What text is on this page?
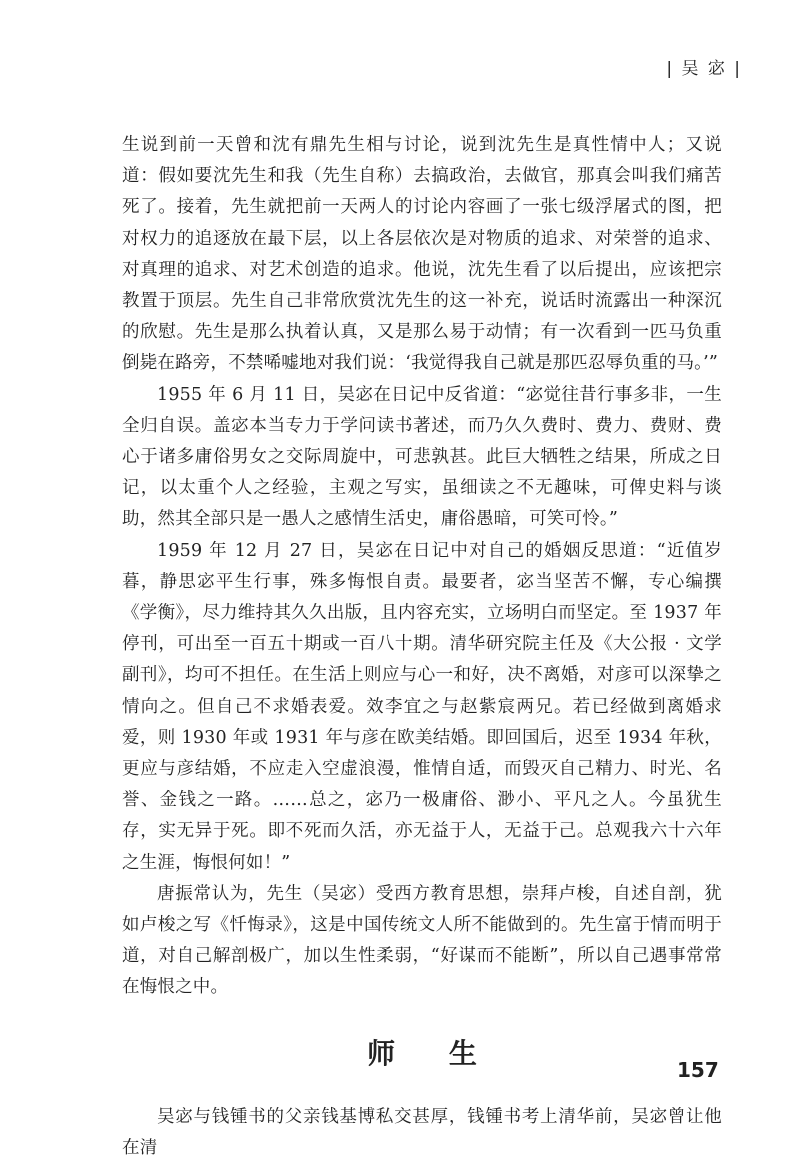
| 吴 宓 |

生说到前一天曾和沈有鼎先生相与讨论，说到沈先生是真性情中人；又说道：假如要沈先生和我（先生自称）去搞政治，去做官，那真会叫我们痛苦死了。接着，先生就把前一天两人的讨论内容画了一张七级浮屠式的图，把对权力的追逐放在最下层，以上各层依次是对物质的追求、对荣誉的追求、对真理的追求、对艺术创造的追求。他说，沈先生看了以后提出，应该把宗教置于顶层。先生自己非常欣赏沈先生的这一补充，说话时流露出一种深沉的欣慰。先生是那么执着认真，又是那么易于动情；有一次看到一匹马负重倒毙在路旁，不禁唏嘘地对我们说：‘我觉得我自己就是那匹忍辱负重的马。’”

1955 年 6 月 11 日，吴宓在日记中反省道：“宓觉往昔行事多非，一生全归自误。盖宓本当专力于学问读书著述，而乃久久费时、费力、费财、费心于诸多庸俗男女之交际周旋中，可悲孰甚。此巨大牺牲之结果，所成之日记，以太重个人之经验，主观之写实，虽细读之不无趣味，可俾史料与谈助，然其全部只是一愚人之感情生活史，庸俗愚暗，可笑可怜。”

1959 年 12 月 27 日，吴宓在日记中对自己的婚姻反思道：“近值岁暮，静思宓平生行事，殊多悔恨自责。最要者，宓当坚苦不懈，专心编撰《学衡》，尽力维持其久久出版，且内容充实，立场明白而坚定。至 1937 年停刊，可出至一百五十期或一百八十期。清华研究院主任及《大公报 · 文学副刊》，均可不担任。在生活上则应与心一和好，决不离婚，对彦可以深挚之情向之。但自己不求婚表爱。效李宜之与赵紫宸两兄。若已经做到离婚求爱，则 1930 年或 1931 年与彦在欧美结婚。即回国后，迟至 1934 年秋，更应与彦结婚，不应走入空虚浪漫，惟情自适，而毁灭自己精力、时光、名誉、金钱之一路。……总之，宓乃一极庸俗、渺小、平凡之人。今虽犹生存，实无异于死。即不死而久活，亦无益于人，无益于己。总观我六十六年之生涯，悔恨何如！”

唐振常认为，先生（吴宓）受西方教育思想，崇拜卢梭，自述自剖，犹如卢梭之写《忏悔录》，这是中国传统文人所不能做到的。先生富于情而明于道，对自己解剖极广，加以生性柔弱，“好谋而不能断”，所以自己遇事常常在悔恨之中。

师 生

吴宓与钱锺书的父亲钱基博私交甚厚，钱锺书考上清华前，吴宓曾让他在清

157
